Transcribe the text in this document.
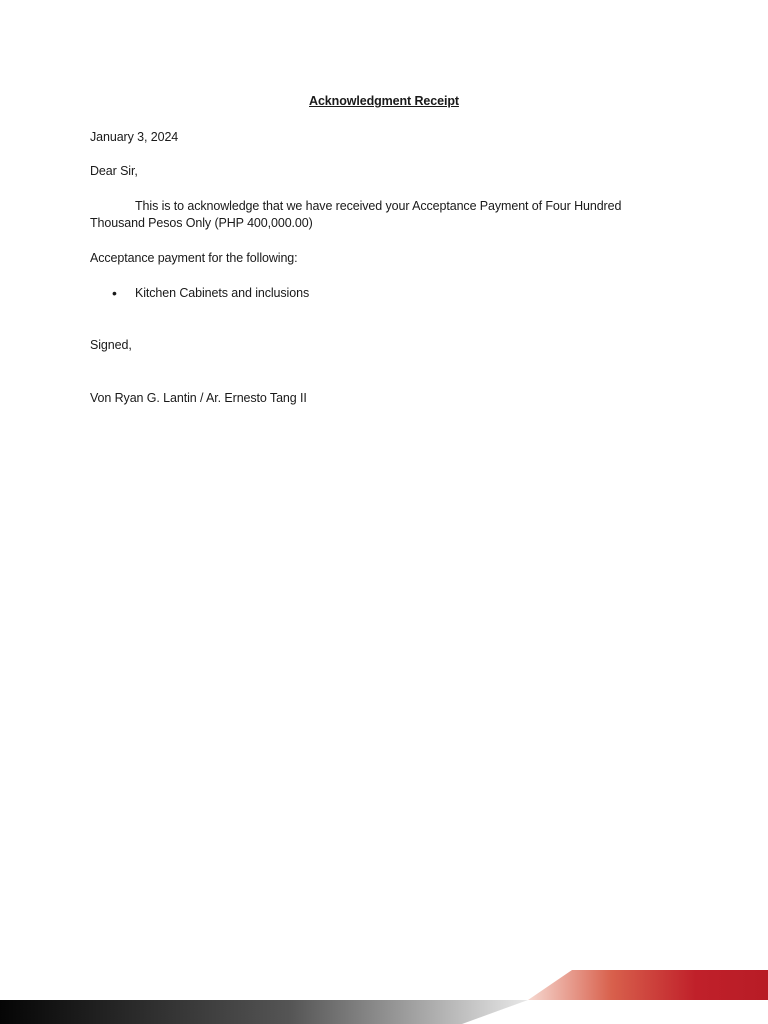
Acknowledgment Receipt
January 3, 2024
Dear Sir,
This is to acknowledge that we have received your Acceptance Payment of Four Hundred
Thousand Pesos Only (PHP 400,000.00)
Acceptance payment for the following:
• Kitchen Cabinets and inclusions
Signed,
Von Ryan G. Lantin / Ar. Ernesto Tang II
